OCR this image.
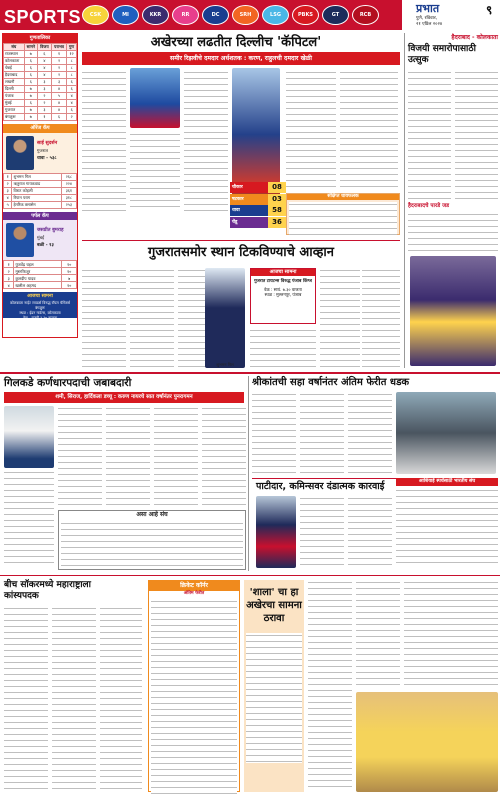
SPORTS	CSK	MI	KKR	RR	DC	SRH	LSG	PBKS	GT	RCB	प्रभात	९
पुणे, रविवार,
२१ एप्रिल २०२४
गुणतालिका
संघ	सामने	विजय	पराभव	गुण
राजस्थान	७	६	१	१२
कोलकाता	६	४	२	८
चेन्नई	६	४	२	८
हैदराबाद	६	४	२	८
लखनौ	६	३	३	६
दिल्ली	७	३	४	६
पंजाब	७	२	५	४
मुंबई	६	२	४	४
गुजरात	७	३	४	६
बंगळुरू	७	१	६	२
ऑरेंज कॅप
साई सुदर्शन
गुजरात
धावा - ५३८
१	शुभमन गिल	२६८
२	ऋतुराज गायकवाड	२२४
३	विराट कोहली	३६१
४	रियान पराग	३१८
५	हेनरिक क्लासेन	२५३
पर्पल कॅप
जसप्रीत बुमराह
मुंबई
बळी - १३
१	युजवेंद्र चहल	१०
२	मुस्तफिजूर	१०
३	कुलदीप यादव	७
४	खलील अहमद	१०
आजचा सामना
कोलकाता नाईट रायडर्स विरुद्ध रॉयल चॅलेंजर्स बंगळुरू
स्थळ : ईडन गार्डन्स, कोलकाता
वेळ - दुपारी ३.३० वाजता
अखेरच्या लढतीत दिल्लीच 'कॅपिटल'
समीर रिझवीचे दमदार अर्धशतक : करण, राहुलची दमदार खेळी
चौकार	08
षटकार	03
धावा	58
चेंडू	36
संक्षिप्त धावफलक
गुजरातसमोर स्थान टिकविण्याचे आव्हान
शुभमन गिल
आजचा सामना
गुजरात टायटन्स विरुद्ध पंजाब किंग्ज
वेळ : सायं. ७.३० वाजता
स्थळ : मुल्लनपूर, पंजाब
हैदराबाद - कोलकाता
विजयी समारोपासाठी उत्सुक
हैदराबादचे पारडे जड
गिलकडे कर्णधारपदाची जबाबदारी
शमी, सिराज, हार्दिकला डच्चू : करुण नायरचे सात वर्षानंतर पुनरागमन
असा आहे संघ
श्रीकांतची सहा वर्षानंतर अंतिम फेरीत धडक
पाटीदार, कमिन्सवर दंडात्मक कारवाई	आशियाई स्पर्धेसाठी भारतीय संघ
बीच सॉकरमध्ये महाराष्ट्राला कांस्यपदक
क्रिकेट कॉर्नर
अंतिम फेरीत	'शाला' चा हा अखेरचा सामना ठरावा
